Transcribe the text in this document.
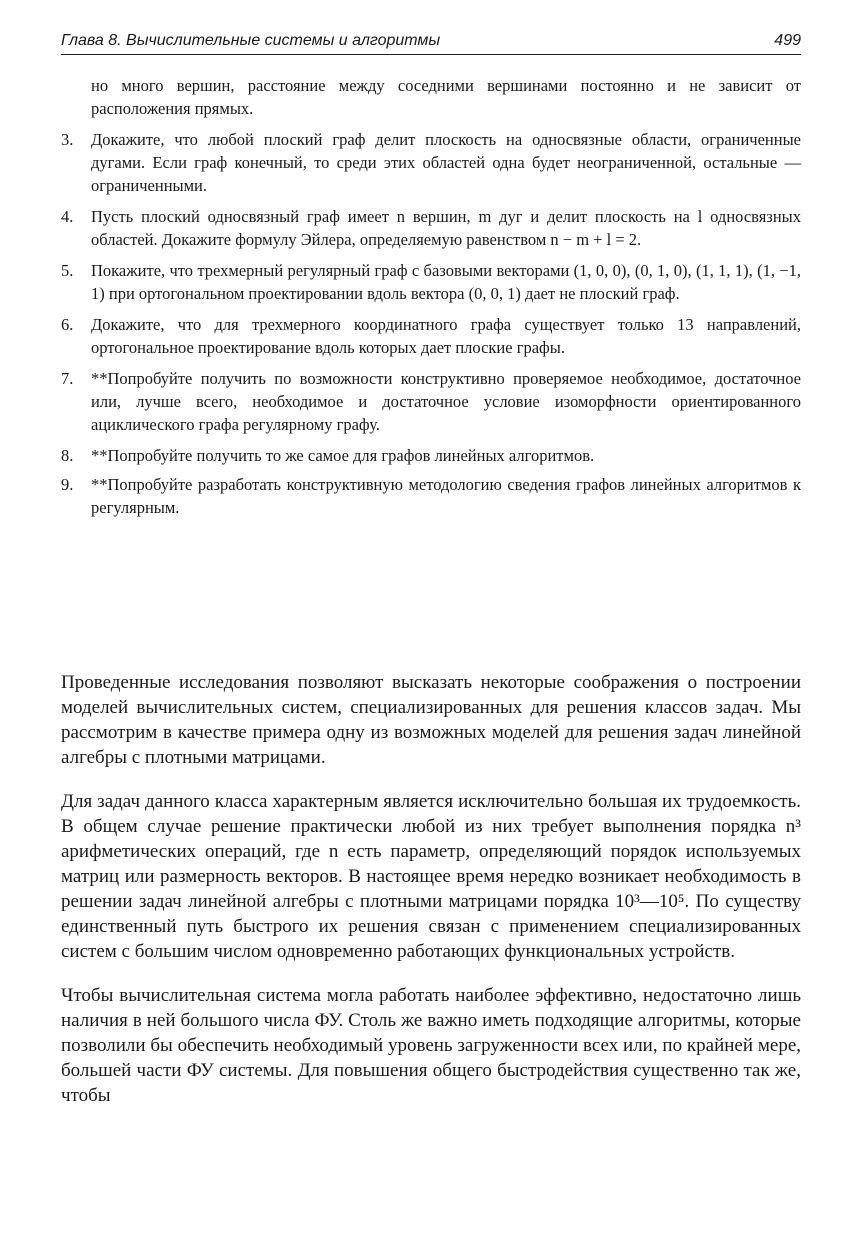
Глава 8. Вычислительные системы и алгоритмы	499
но много вершин, расстояние между соседними вершинами постоянно и не зависит от расположения прямых.
3. Докажите, что любой плоский граф делит плоскость на односвязные области, ограниченные дугами. Если граф конечный, то среди этих областей одна будет неограниченной, остальные — ограниченными.
4. Пусть плоский односвязный граф имеет n вершин, m дуг и делит плоскость на l односвязных областей. Докажите формулу Эйлера, определяемую равенством n − m + l = 2.
5. Покажите, что трехмерный регулярный граф с базовыми векторами (1, 0, 0), (0, 1, 0), (1, 1, 1), (1, −1, 1) при ортогональном проектировании вдоль вектора (0, 0, 1) дает не плоский граф.
6. Докажите, что для трехмерного координатного графа существует только 13 направлений, ортогональное проектирование вдоль которых дает плоские графы.
7. **Попробуйте получить по возможности конструктивно проверяемое необходимое, достаточное или, лучше всего, необходимое и достаточное условие изоморфности ориентированного ациклического графа регулярному графу.
8. **Попробуйте получить то же самое для графов линейных алгоритмов.
9. **Попробуйте разработать конструктивную методологию сведения графов линейных алгоритмов к регулярным.

Проведенные исследования позволяют высказать некоторые соображения о построении моделей вычислительных систем, специализированных для решения классов задач. Мы рассмотрим в качестве примера одну из возможных моделей для решения задач линейной алгебры с плотными матрицами.

Для задач данного класса характерным является исключительно большая их трудоемкость. В общем случае решение практически любой из них требует выполнения порядка n³ арифметических операций, где n есть параметр, определяющий порядок используемых матриц или размерность векторов. В настоящее время нередко возникает необходимость в решении задач линейной алгебры с плотными матрицами порядка 10³—10⁵. По существу единственный путь быстрого их решения связан с применением специализированных систем с большим числом одновременно работающих функциональных устройств.

Чтобы вычислительная система могла работать наиболее эффективно, недостаточно лишь наличия в ней большого числа ФУ. Столь же важно иметь подходящие алгоритмы, которые позволили бы обеспечить необходимый уровень загруженности всех или, по крайней мере, большей части ФУ системы. Для повышения общего быстродействия существенно так же, чтобы
